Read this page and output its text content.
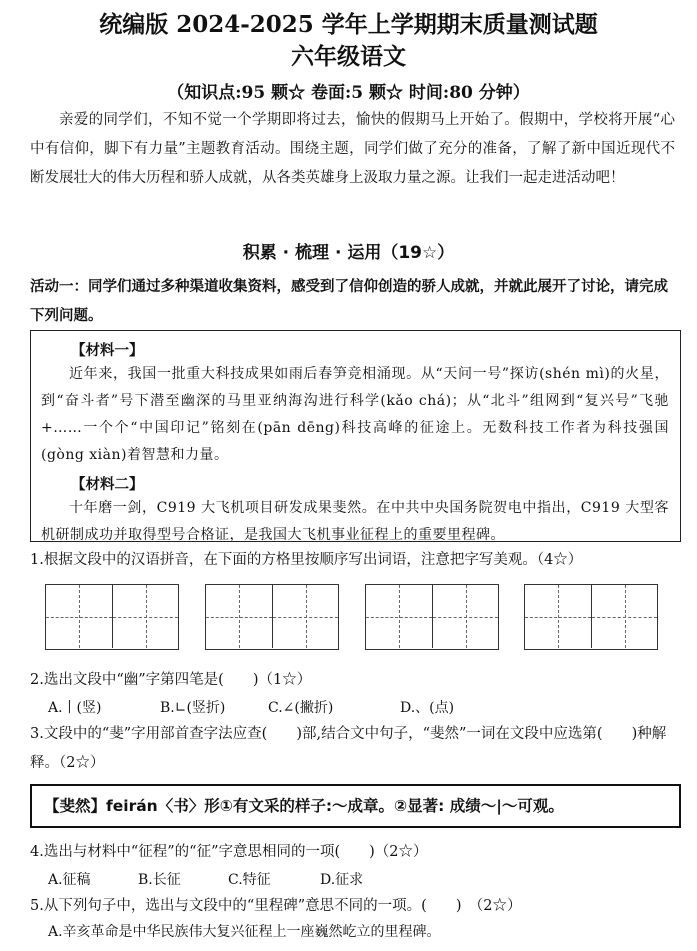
统编版 2024-2025 学年上学期期末质量测试题
六年级语文
（知识点:95 颗☆ 卷面:5 颗☆ 时间:80 分钟）
亲爱的同学们，不知不觉一个学期即将过去，愉快的假期马上开始了。假期中，学校将开展“心中有信仰，脚下有力量”主题教育活动。围绕主题，同学们做了充分的准备，了解了新中国近现代不断发展壮大的伟大历程和骄人成就，从各类英雄身上汲取力量之源。让我们一起走进活动吧！
积累 · 梳理 · 运用（19☆）
活动一：同学们通过多种渠道收集资料，感受到了信仰创造的骄人成就，并就此展开了讨论，请完成下列问题。
【材料一】
近年来，我国一批重大科技成果如雨后春笋竞相涌现。从“天问一号”探访(shén mì)的火星，到“奋斗者”号下潜至幽深的马里亚纳海沟进行科学(kǎo chá)；从“北斗”组网到“复兴号”飞驰+……一个个“中国印记”铭刻在(pān dēng)科技高峰的征途上。无数科技工作者为科技强国(gòng xiàn)着智慧和力量。
【材料二】
十年磨一剑，C919 大飞机项目研发成果斐然。在中共中央国务院贺电中指出，C919 大型客机研制成功并取得型号合格证，是我国大飞机事业征程上的重要里程碑。
1.根据文段中的汉语拼音，在下面的方格里按顺序写出词语，注意把字写美观。（4☆）
2.选出文段中“幽”字第四笔是(　　)（1☆）
A.丨(竖)	B.∟(竖折)	C.∠(撇折)	D.、(点)
3.文段中的“斐”字用部首查字法应查(　　)部,结合文中句子，“斐然”一词在文段中应选第(　　)种解释。（2☆）
【斐然】feirán〈书〉形①有文采的样子:～成章。②显著: 成绩～|～可观。
4.选出与材料中“征程”的“征”字意思相同的一项(　　)（2☆）
A.征稿	B.长征	C.特征	D.征求
5.从下列句子中，选出与文段中的“里程碑”意思不同的一项。(　　)　（2☆）
A.辛亥革命是中华民族伟大复兴征程上一座巍然屹立的里程碑。
